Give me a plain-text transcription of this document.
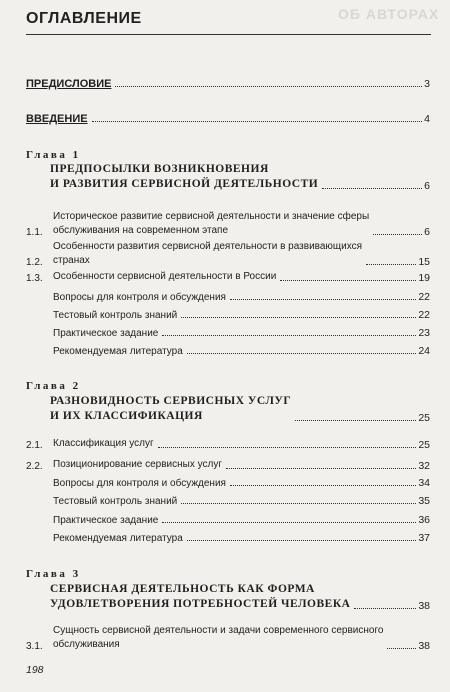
ОБ АВТОРАХ
ОГЛАВЛЕНИЕ
ПРЕДИСЛОВИЕ	3
ВВЕДЕНИЕ	4
Глава 1
ПРЕДПОСЫЛКИ ВОЗНИКНОВЕНИЯ
И РАЗВИТИЯ СЕРВИСНОЙ ДЕЯТЕЛЬНОСТИ	6
1.1.
Историческое развитие сервисной деятельности и значение сферы
обслуживания на современном этапе	6
1.2.
Особенности развития сервисной деятельности в развивающихся
странах	15
1.3.	Особенности сервисной деятельности в России	19
Вопросы для контроля и обсуждения	22
Тестовый контроль знаний	22
Практическое задание	23
Рекомендуемая литература	24
Глава 2
РАЗНОВИДНОСТЬ СЕРВИСНЫХ УСЛУГ
И ИХ КЛАССИФИКАЦИЯ	25
2.1.	Классификация услуг	25
2.2.	Позиционирование сервисных услуг	32
Вопросы для контроля и обсуждения	34
Тестовый контроль знаний	35
Практическое задание	36
Рекомендуемая литература	37
Глава 3
СЕРВИСНАЯ ДЕЯТЕЛЬНОСТЬ КАК ФОРМА
УДОВЛЕТВОРЕНИЯ ПОТРЕБНОСТЕЙ ЧЕЛОВЕКА	38
3.1.
Сущность сервисной деятельности и задачи современного сервисного
обслуживания	38
198
